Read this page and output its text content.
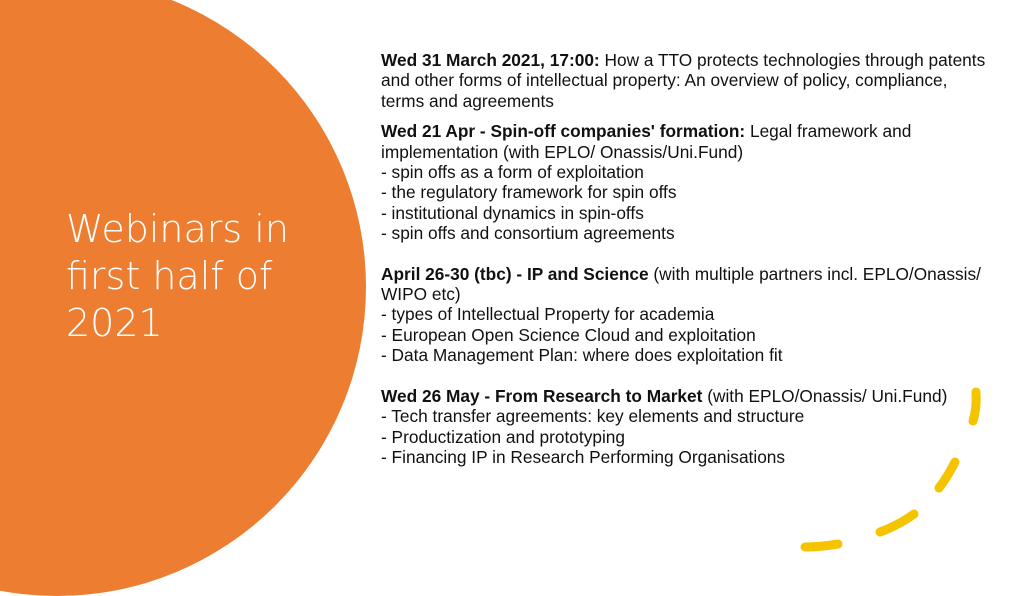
Webinars in first half of 2021
Wed 31 March 2021, 17:00: How a TTO protects technologies through patents and other forms of intellectual property: An overview of policy, compliance, terms and agreements
Wed 21 Apr - Spin-off companies' formation: Legal framework and implementation (with EPLO/ Onassis/Uni.Fund)

- spin offs as a form of exploitation

- the regulatory framework for spin offs

- institutional dynamics in spin-offs

- spin offs and consortium agreements

April 26-30 (tbc) - IP and Science (with multiple partners incl. EPLO/Onassis/ WIPO etc)

- types of Intellectual Property for academia

- European Open Science Cloud and exploitation

- Data Management Plan: where does exploitation fit

Wed 26 May - From Research to Market (with EPLO/Onassis/ Uni.Fund)

- Tech transfer agreements: key elements and structure

- Productization and prototyping

- Financing IP in Research Performing Organisations
